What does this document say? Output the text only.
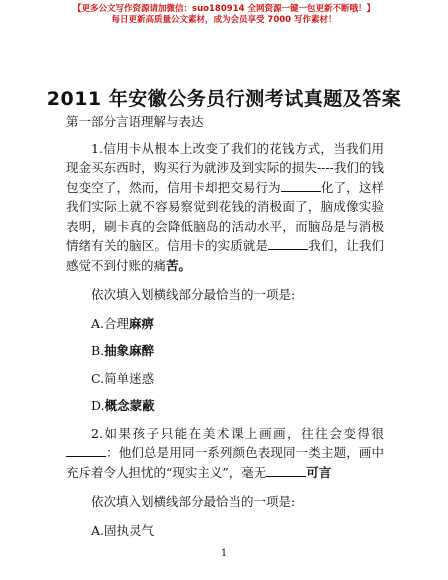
【更多公文写作资源请加微信：suo180914 全网资源一键一包更新不断哦！】
每日更新高质量公文素材，成为会员享受 7000 写作素材！
2011 年安徽公务员行测考试真题及答案

第一部分言语理解与表达

1.信用卡从根本上改变了我们的花钱方式，当我们用现金买东西时，购买行为就涉及到实际的损失----我们的钱包变空了，然而，信用卡却把交易行为	化了，这样我们实际上就不容易察觉到花钱的消极面了，脑成像实验表明，刷卡真的会降低脑岛的活动水平，而脑岛是与消极情绪有关的脑区。信用卡的实质就是	我们，让我们感觉不到付账的痛苦。

依次填入划横线部分最恰当的一项是:

A.合理麻痹

B.抽象麻醉

C.简单迷惑

D.概念蒙蔽

2.如果孩子只能在美术课上画画，往往会变得很：他们总是用同一系列颜色表现同一类主题，画中充斥着令人担忧的“现实主义”，毫无	可言

依次填入划横线部分最恰当的一项是:

A.固执灵气

1
